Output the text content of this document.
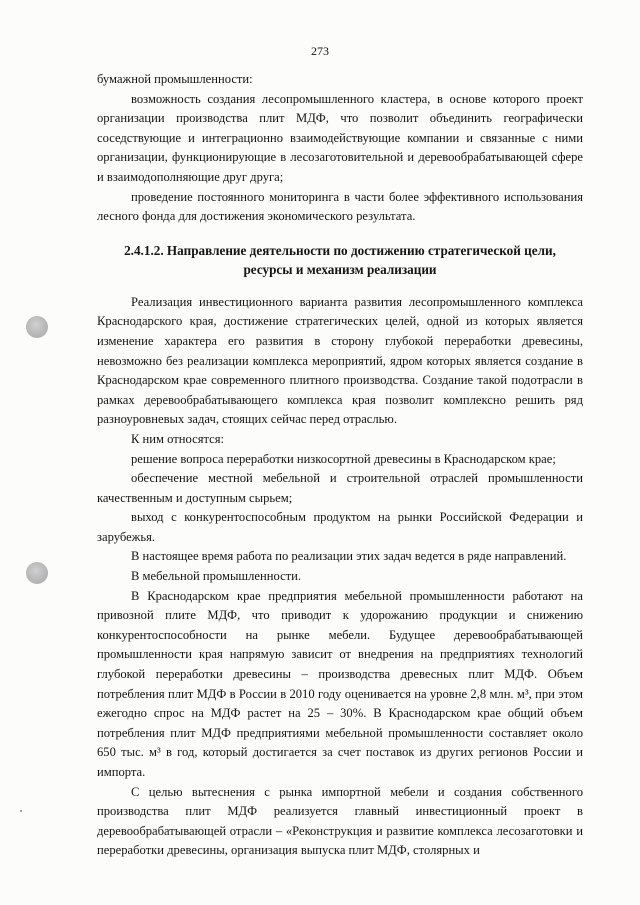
273

бумажной промышленности:

возможность создания лесопромышленного кластера, в основе которого проект организации производства плит МДФ, что позволит объединить географически соседствующие и интеграционно взаимодействующие компании и связанные с ними организации, функционирующие в лесозаготовительной и деревообрабатывающей сфере и взаимодополняющие друг друга;

проведение постоянного мониторинга в части более эффективного использования лесного фонда для достижения экономического результата.

2.4.1.2. Направление деятельности по достижению стратегической цели, ресурсы и механизм реализации

Реализация инвестиционного варианта развития лесопромышленного комплекса Краснодарского края, достижение стратегических целей, одной из которых является изменение характера его развития в сторону глубокой переработки древесины, невозможно без реализации комплекса мероприятий, ядром которых является создание в Краснодарском крае современного плитного производства. Создание такой подотрасли в рамках деревообрабатывающего комплекса края позволит комплексно решить ряд разноуровневых задач, стоящих сейчас перед отраслью.

К ним относятся:

решение вопроса переработки низкосортной древесины в Краснодарском крае;

обеспечение местной мебельной и строительной отраслей промышленности качественным и доступным сырьем;

выход с конкурентоспособным продуктом на рынки Российской Федерации и зарубежья.

В настоящее время работа по реализации этих задач ведется в ряде направлений.

В мебельной промышленности.

В Краснодарском крае предприятия мебельной промышленности работают на привозной плите МДФ, что приводит к удорожанию продукции и снижению конкурентоспособности на рынке мебели. Будущее деревообрабатывающей промышленности края напрямую зависит от внедрения на предприятиях технологий глубокой переработки древесины – производства древесных плит МДФ. Объем потребления плит МДФ в России в 2010 году оценивается на уровне 2,8 млн. м³, при этом ежегодно спрос на МДФ растет на 25 – 30%. В Краснодарском крае общий объем потребления плит МДФ предприятиями мебельной промышленности составляет около 650 тыс. м³ в год, который достигается за счет поставок из других регионов России и импорта.

С целью вытеснения с рынка импортной мебели и создания собственного производства плит МДФ реализуется главный инвестиционный проект в деревообрабатывающей отрасли – «Реконструкция и развитие комплекса лесозаготовки и переработки древесины, организация выпуска плит МДФ, столярных и
